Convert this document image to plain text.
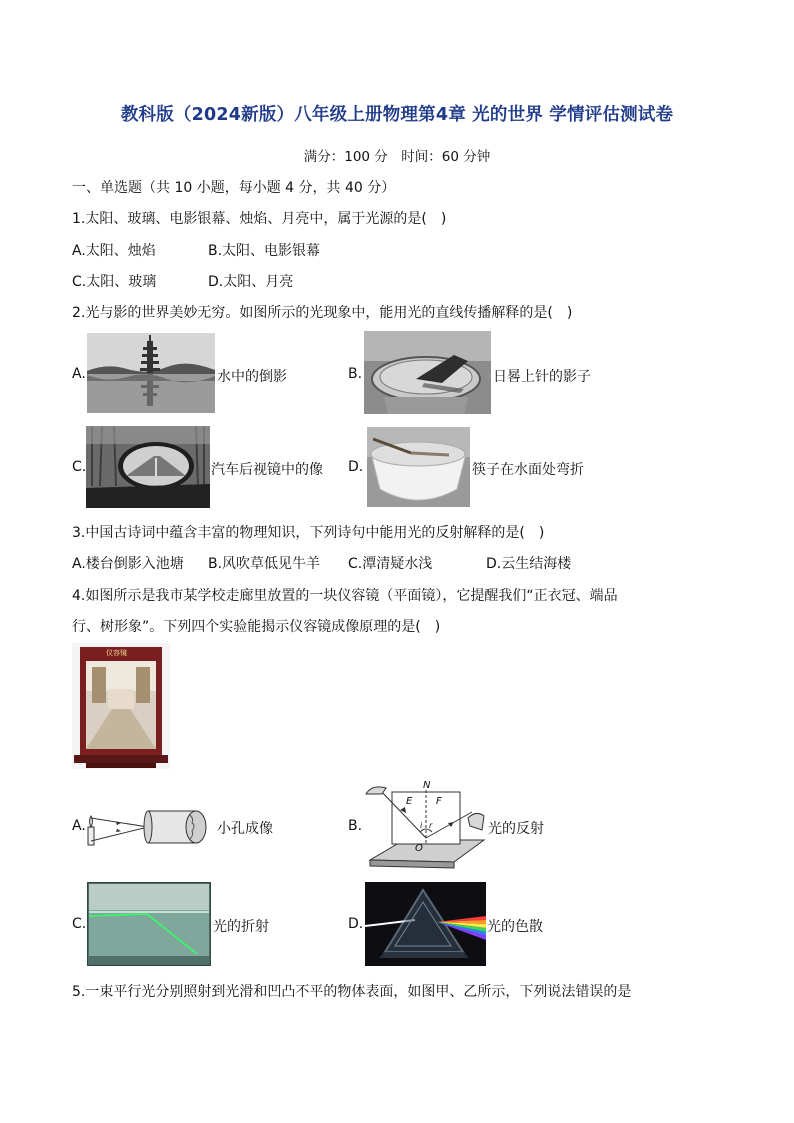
教科版（2024新版）八年级上册物理第4章 光的世界 学情评估测试卷
满分：100 分　时间：60 分钟
一、单选题（共 10 小题，每小题 4 分，共 40 分）
1.太阳、玻璃、电影银幕、烛焰、月亮中，属于光源的是(　)
A.太阳、烛焰	B.太阳、电影银幕
C.太阳、玻璃	D.太阳、月亮
2.光与影的世界美妙无穷。如图所示的光现象中，能用光的直线传播解释的是(　)
A.	水中的倒影	B.	日晷上针的影子
C.	汽车后视镜中的像 D.	筷子在水面处弯折
3.中国古诗词中蕴含丰富的物理知识，下列诗句中能用光的反射解释的是(　)
A.楼台倒影入池塘 B.风吹草低见牛羊 C.潭清疑水浅	D.云生结海楼
4.如图所示是我市某学校走廊里放置的一块仪容镜（平面镜），它提醒我们“正衣冠、端品
行、树形象”。下列四个实验能揭示仪容镜成像原理的是(　)
仪容镜
A.	小孔成像	B.
N
E F
i r
O
光的反射
C.	光的折射	D.	光的色散
5.一束平行光分别照射到光滑和凹凸不平的物体表面，如图甲、乙所示，下列说法错误的是
